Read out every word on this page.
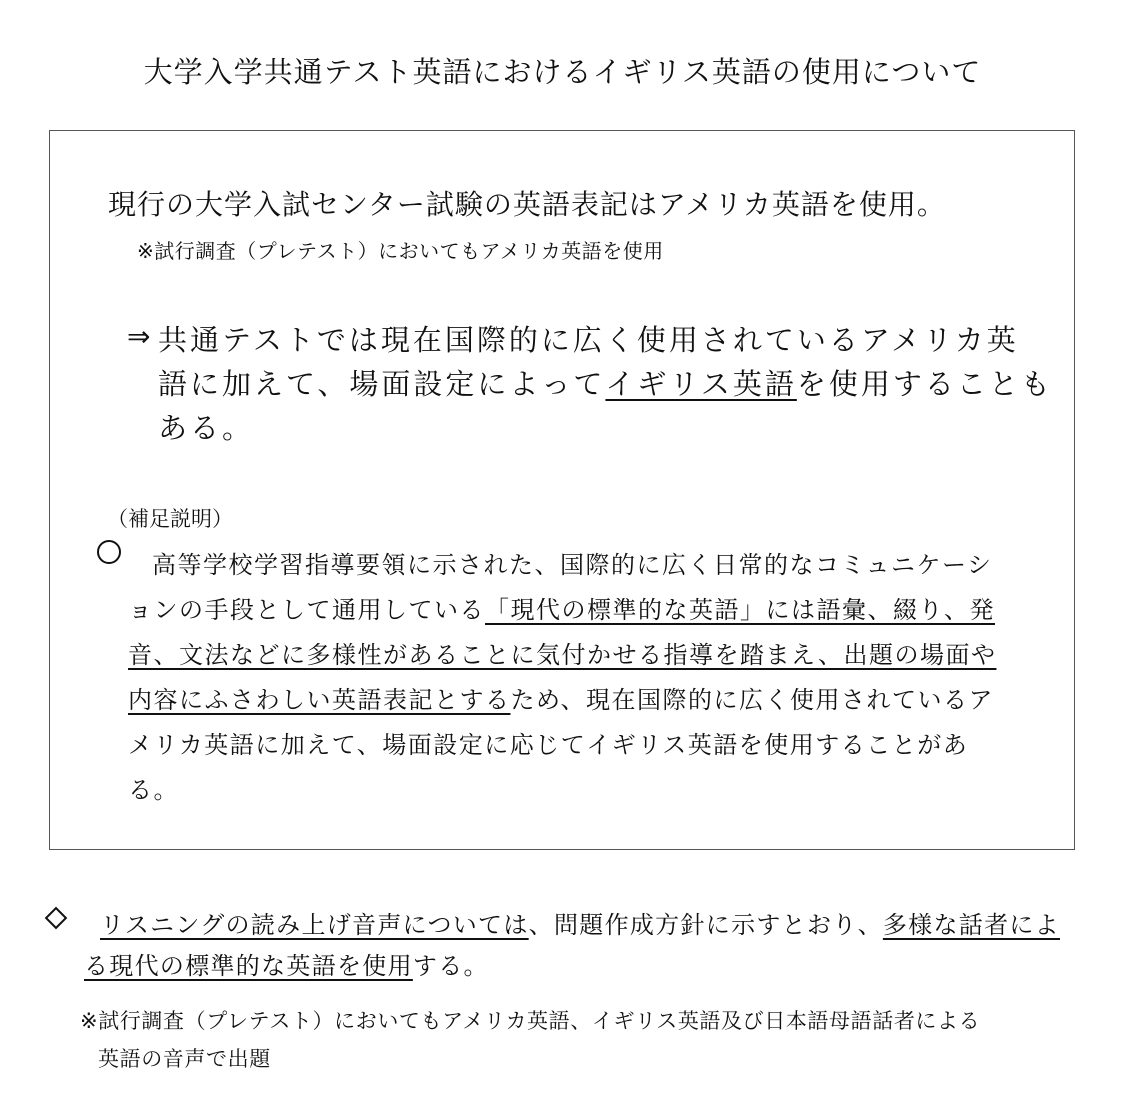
大学入学共通テスト英語におけるイギリス英語の使用について
現行の大学入試センター試験の英語表記はアメリカ英語を使用。
※試行調査（プレテスト）においてもアメリカ英語を使用
⇒ 共通テストでは現在国際的に広く使用されているアメリカ英
語に加えて、場面設定によってイギリス英語を使用することも
ある。
（補足説明）
高等学校学習指導要領に示された、国際的に広く日常的なコミュニケーシ
ョンの手段として通用している「現代の標準的な英語」には語彙、綴り、発
音、文法などに多様性があることに気付かせる指導を踏まえ、出題の場面や
内容にふさわしい英語表記とするため、現在国際的に広く使用されているア
メリカ英語に加えて、場面設定に応じてイギリス英語を使用することがあ
る。
リスニングの読み上げ音声については、問題作成方針に示すとおり、多様な話者によ
る現代の標準的な英語を使用する。
※試行調査（プレテスト）においてもアメリカ英語、イギリス英語及び日本語母語話者による
英語の音声で出題
